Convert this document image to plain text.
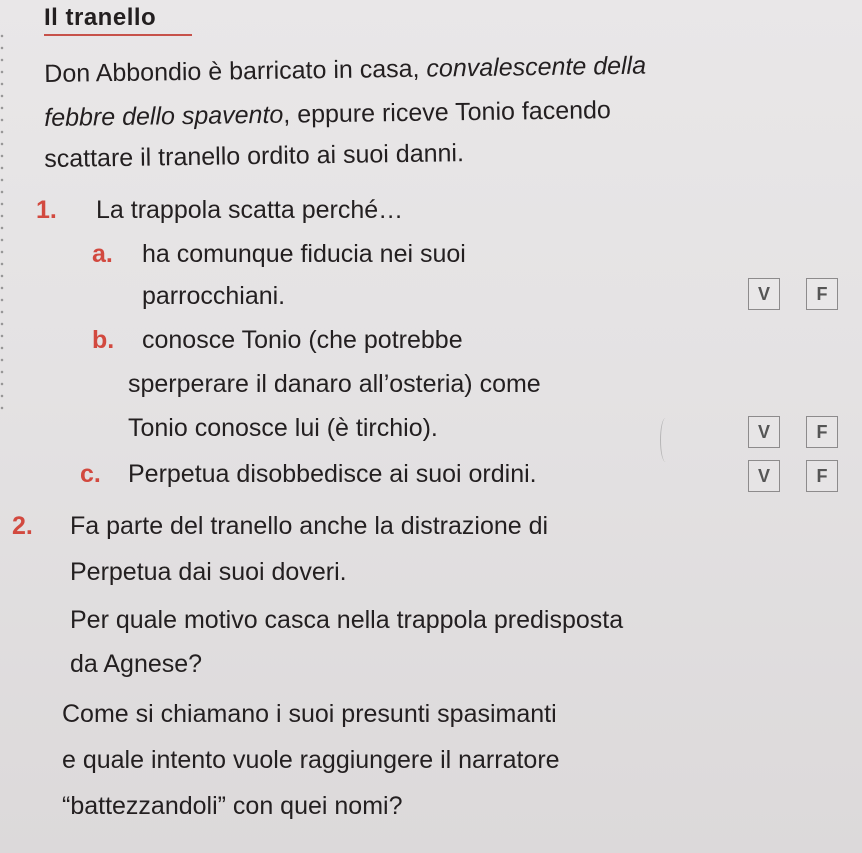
Il tranello
Don Abbondio è barricato in casa, convalescente della
febbre dello spavento, eppure riceve Tonio facendo
scattare il tranello ordito ai suoi danni.
1. La trappola scatta perché…
a. ha comunque fiducia nei suoi
parrocchiani.	V	F
b. conosce Tonio (che potrebbe
sperperare il danaro all’osteria) come
Tonio conosce lui (è tirchio).	V	F
c. Perpetua disobbedisce ai suoi ordini.	V	F
2. Fa parte del tranello anche la distrazione di
Perpetua dai suoi doveri.
Per quale motivo casca nella trappola predisposta
da Agnese?
Come si chiamano i suoi presunti spasimanti
e quale intento vuole raggiungere il narratore
“battezzandoli” con quei nomi?
